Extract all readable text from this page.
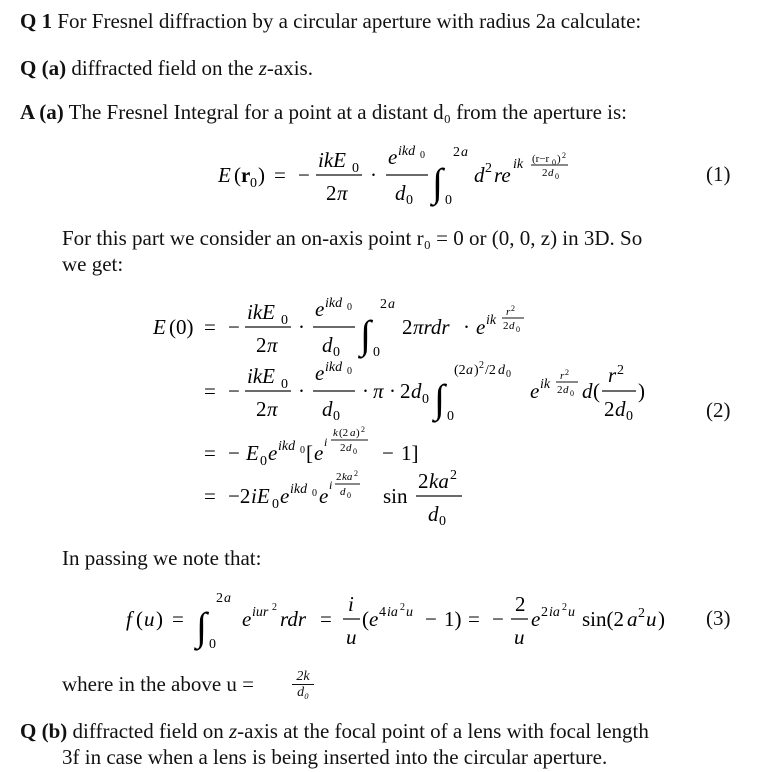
Q 1 For Fresnel diffraction by a circular aperture with radius 2a calculate:
Q (a) diffracted field on the z-axis.
A (a) The Fresnel Integral for a point at a distant d₀ from the aperture is:
E ( r 0 ) = −
ikE 0
2 π
·
e ikd 0
d 0 ∫
2 a
0
d 2 re ik (r−r 0 ) 2
2 d 0	(1)
For this part we consider an on-axis point r₀ = 0 or (0, 0, z) in 3D. So
we get:
E (0) = −
ikE 0
2 π
·
e ikd 0
d 0 ∫
2 a
0
2 πrdr · e ik
r 2
2 d 0
= −
ikE 0
2 π
·
e ikd 0
d 0
· π · 2 d 0 ∫
(2 a ) 2 /2 d 0
0
e ik
r 2
2 d 0 d (
r 2
2 d 0
)
= − E 0 e ikd 0 [ e i
k (2 a ) 2
2 d 0 − 1]
= −2 iE 0 e ikd 0 e i
2 ka 2
d 0 sin
2 ka 2
d 0
(2)
In passing we note that:
f ( u ) = ∫
2 a
0
e iur 2 rdr =
i
u
( e 4 ia 2 u − 1) = −
2
u
e 2 ia 2 u sin(2 a 2 u ) (3)
where in the above u =	$\frac{2k}{\text{d₀}}$
Q (b) diffracted field on z-axis at the focal point of a lens with focal length
3f in case when a lens is being inserted into the circular aperture.
